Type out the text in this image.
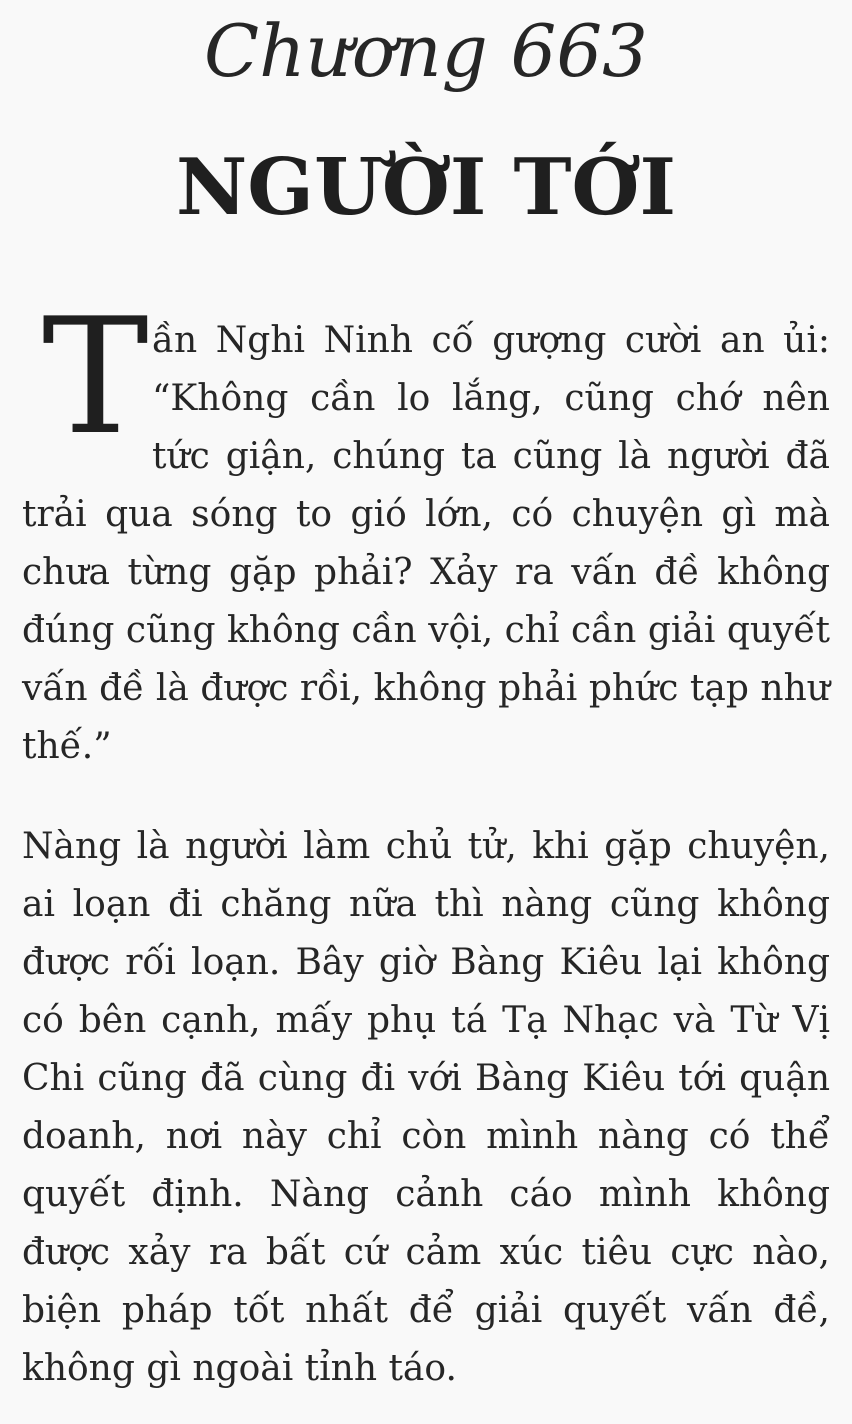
Chương 663
NGƯỜI TỚI
T ần Nghi Ninh cố gượng cười an ủi: “Không cần lo lắng, cũng chớ nên tức giận, chúng ta cũng là người đã trải qua sóng to gió lớn, có chuyện gì mà chưa từng gặp phải? Xảy ra vấn đề không đúng cũng không cần vội, chỉ cần giải quyết vấn đề là được rồi, không phải phức tạp như thế.”
Nàng là người làm chủ tử, khi gặp chuyện, ai loạn đi chăng nữa thì nàng cũng không được rối loạn. Bây giờ Bàng Kiêu lại không có bên cạnh, mấy phụ tá Tạ Nhạc và Từ Vị Chi cũng đã cùng đi với Bàng Kiêu tới quận doanh, nơi này chỉ còn mình nàng có thể quyết định. Nàng cảnh cáo mình không được xảy ra bất cứ cảm xúc tiêu cực nào, biện pháp tốt nhất để giải quyết vấn đề, không gì ngoài tỉnh táo.
